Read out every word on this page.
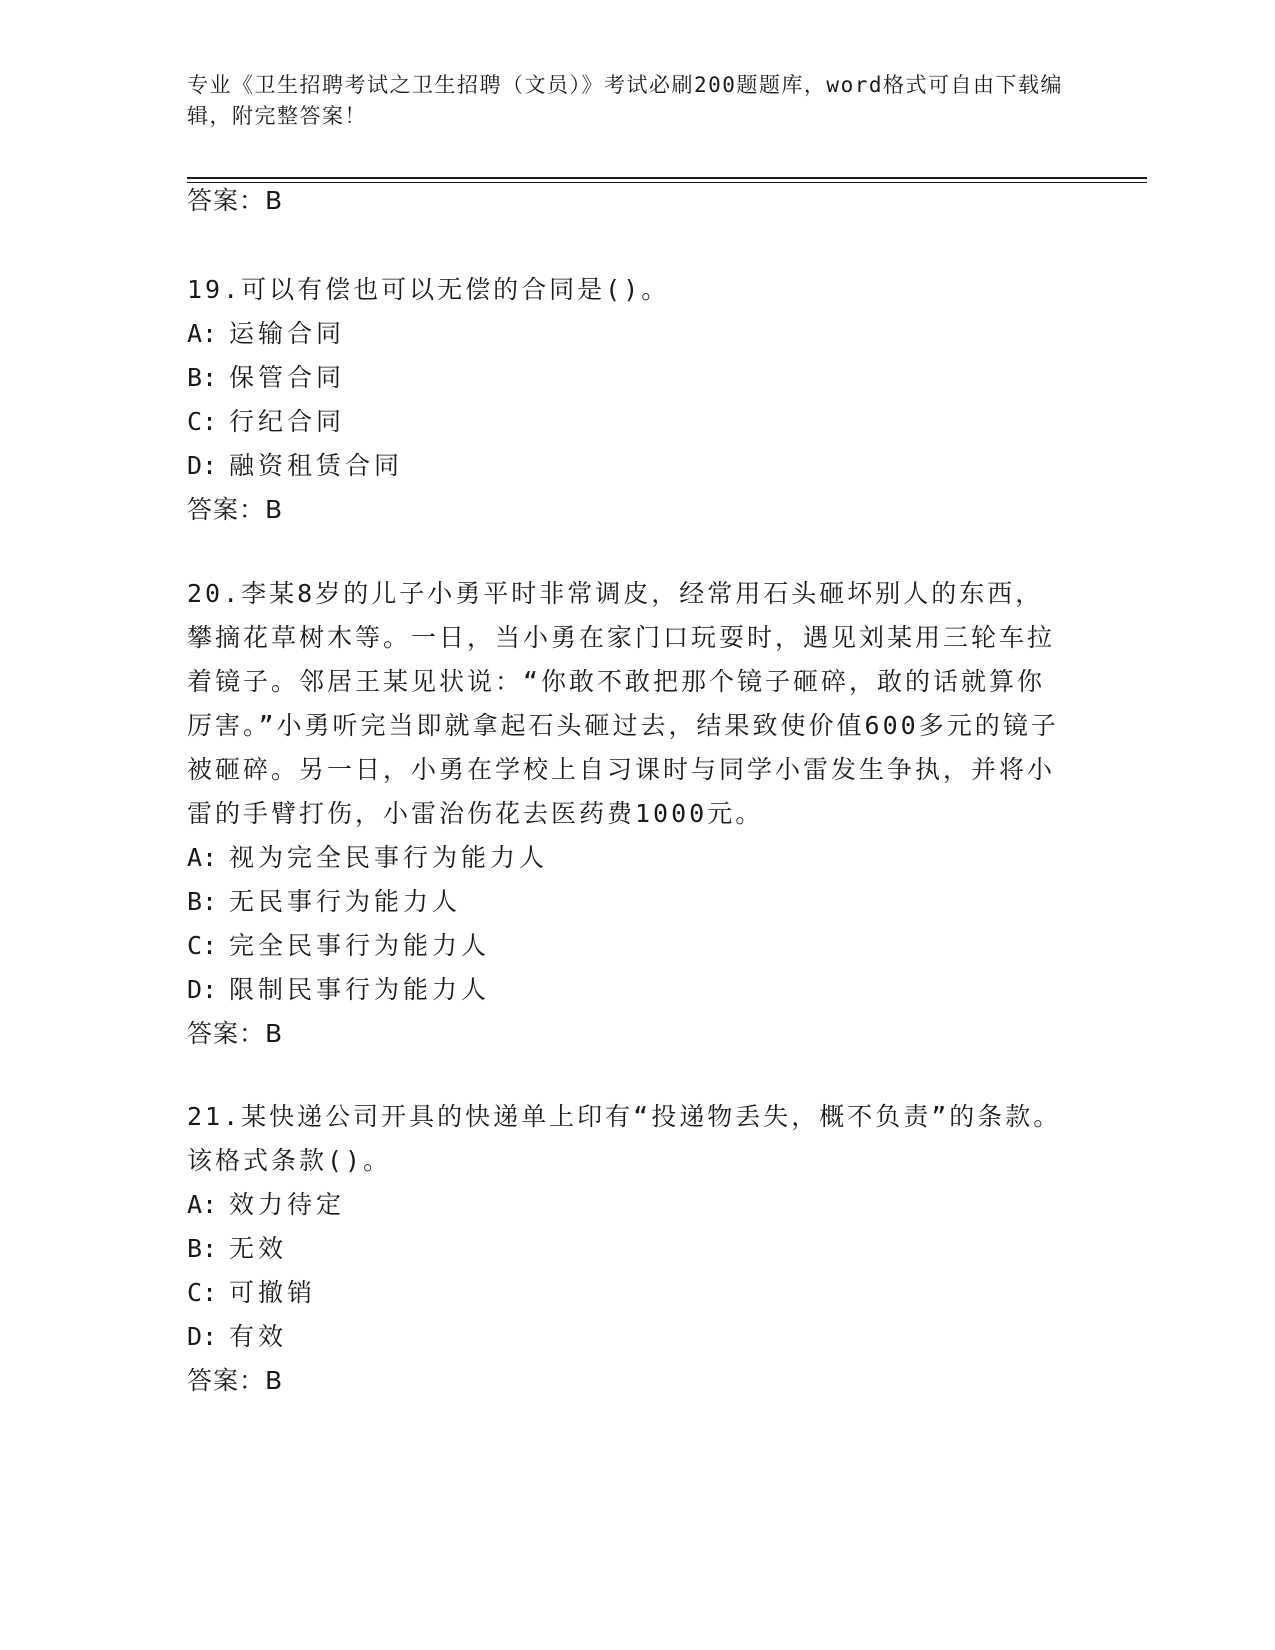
专业《卫生招聘考试之卫生招聘（文员）》考试必刷200题题库，word格式可自由下载编辑，附完整答案！
答案：B

19.可以有偿也可以无偿的合同是()。

A: 运输合同

B: 保管合同

C: 行纪合同

D: 融资租赁合同

答案：B

20.李某8岁的儿子小勇平时非常调皮，经常用石头砸坏别人的东西，攀摘花草树木等。一日，当小勇在家门口玩耍时，遇见刘某用三轮车拉着镜子。邻居王某见状说：“你敢不敢把那个镜子砸碎，敢的话就算你厉害。”小勇听完当即就拿起石头砸过去，结果致使价值600多元的镜子被砸碎。另一日，小勇在学校上自习课时与同学小雷发生争执，并将小雷的手臂打伤，小雷治伤花去医药费1000元。

A: 视为完全民事行为能力人

B: 无民事行为能力人

C: 完全民事行为能力人

D: 限制民事行为能力人

答案：B

21.某快递公司开具的快递单上印有“投递物丢失，概不负责”的条款。该格式条款()。

A: 效力待定

B: 无效

C: 可撤销

D: 有效

答案：B
